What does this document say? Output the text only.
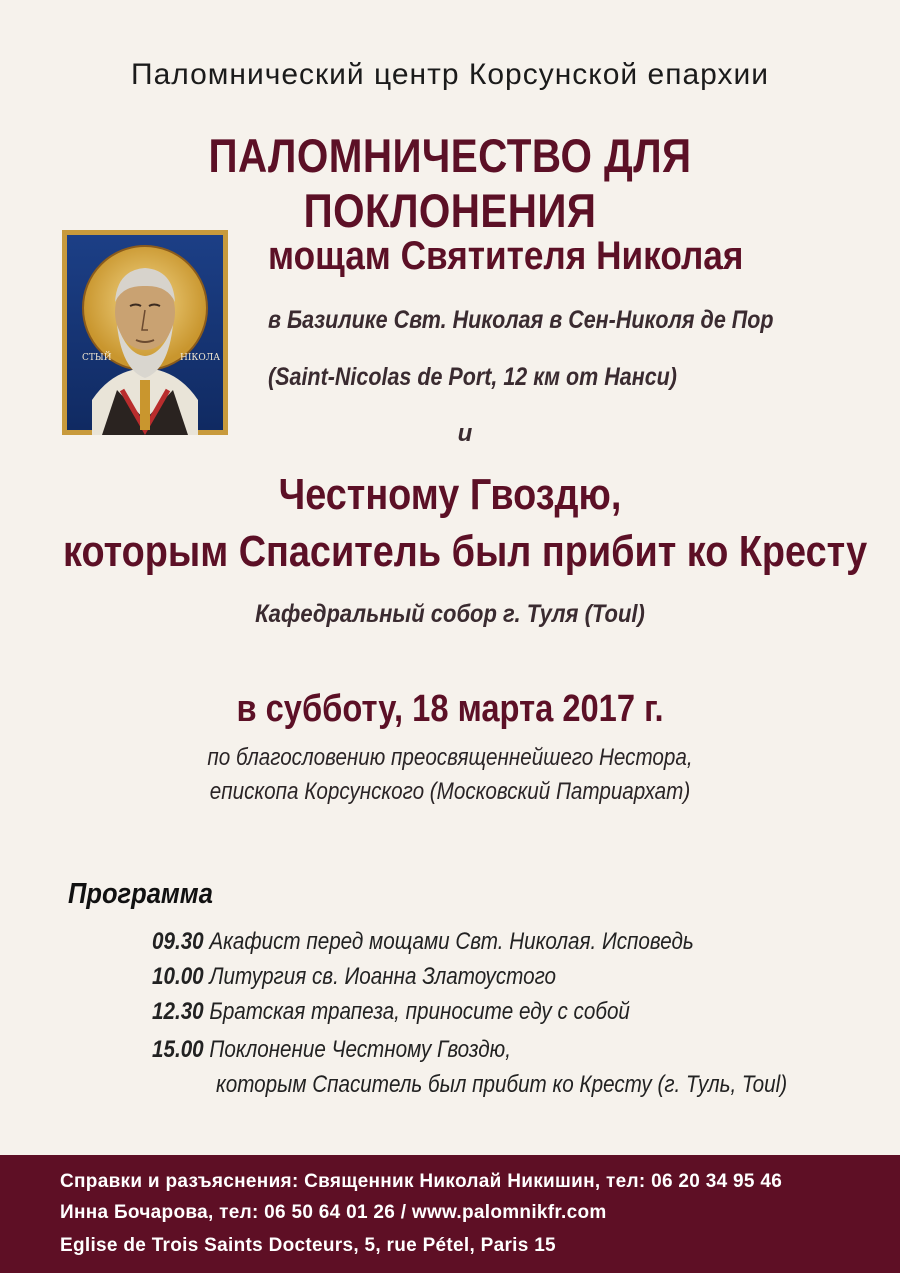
Паломнический центр Корсунской епархии
ПАЛОМНИЧЕСТВО ДЛЯ ПОКЛОНЕНИЯ
СТЫЙ	НІКОЛА
мощам Святителя Николая
в Базилике Свт. Николая в Сен-Николя де Пор
(Saint-Nicolas de Port, 12 км от Нанси)
и
Честному Гвоздю,
которым Спаситель был прибит ко Кресту
Кафедральный собор г. Туля (Toul)
в субботу, 18 марта 2017 г.
по благословению преосвященнейшего Нестора,
епископа Корсунского (Московский Патриархат)
Программа
09.30 Акафист перед мощами Свт. Николая. Исповедь
10.00 Литургия св. Иоанна Златоустого
12.30 Братская трапеза, приносите еду с собой
15.00 Поклонение Честному Гвоздю,
которым Спаситель был прибит ко Кресту (г. Туль, Toul)
Справки и разъяснения: Священник Николай Никишин, тел: 06 20 34 95 46
Инна Бочарова, тел: 06 50 64 01 26 / www.palomnikfr.com
Eglise de Trois Saints Docteurs, 5, rue Pétel, Paris 15
